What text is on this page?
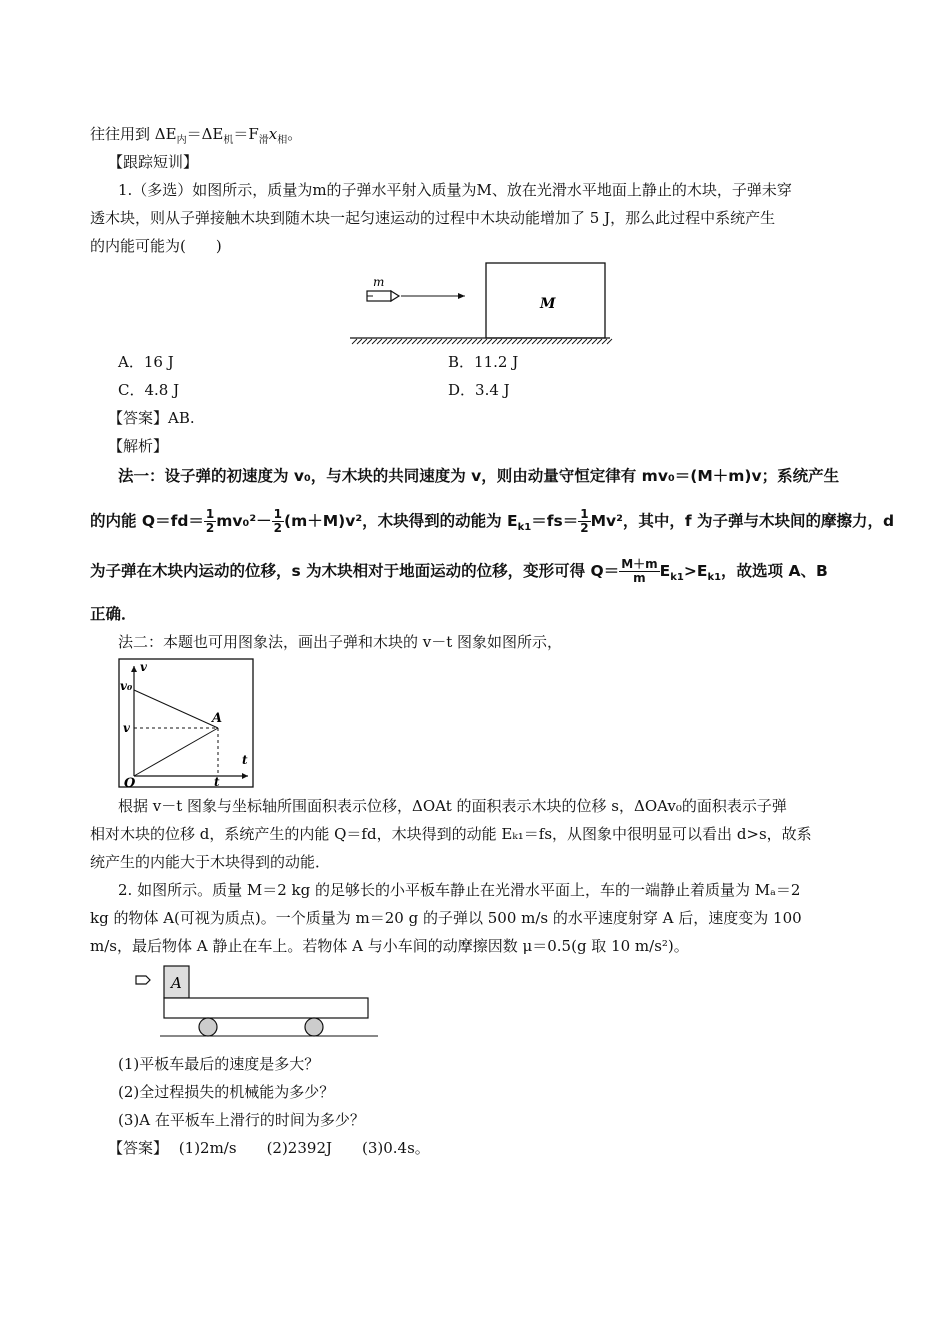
往往用到 $\Delta E_内=\Delta E_机=F_滑x_相$。
【跟踪短训】
1.（多选）如图所示，质量为m的子弹水平射入质量为M、放在光滑水平地面上静止的木块，子弹未穿
透木块，则从子弹接触木块到随木块一起匀速运动的过程中木块动能增加了 5 J，那么此过程中系统产生
的内能可能为(　　)
m
M
A．16 J	B．11.2 J
C．4.8 J	D．3.4 J
【答案】AB.
【解析】
法一：设子弹的初速度为 v₀，与木块的共同速度为 v，则由动量守恒定律有 mv₀＝(M＋m)v；系统产生
的内能 $Q=fd= \frac{1}{2} mv_0^2- \frac{1}{2} (m+M)v^2$，木块得到的动能为 $E_{k1}=fs= \frac{1}{2} Mv^2$，其中，f 为子弹与木块间的摩擦力，d
为子弹在木块内运动的位移，s 为木块相对于地面运动的位移，变形可得 $Q= \frac{M+m}{m} E_{k1}>E_{k1}$，故选项 A、B
正确．
法二：本题也可用图象法，画出子弹和木块的 v－t 图象如图所示，
v
v₀
A
v
t
O	t
根据 v－t 图象与坐标轴所围面积表示位移，ΔOAt 的面积表示木块的位移 s，ΔOAv₀的面积表示子弹
相对木块的位移 d，系统产生的内能 Q＝fd，木块得到的动能 Eₖ₁＝fs，从图象中很明显可以看出 d>s，故系
统产生的内能大于木块得到的动能．
2. 如图所示。质量 M＝2 kg 的足够长的小平板车静止在光滑水平面上，车的一端静止着质量为 Mₐ＝2
kg 的物体 A(可视为质点)。一个质量为 m＝20 g 的子弹以 500 m/s 的水平速度射穿 A 后，速度变为 100
m/s，最后物体 A 静止在车上。若物体 A 与小车间的动摩擦因数 μ＝0.5(g 取 10 m/s²)。
A
(1)平板车最后的速度是多大？
(2)全过程损失的机械能为多少？
(3)A 在平板车上滑行的时间为多少？
【答案】 (1)2m/s　　(2)2392J　　(3)0.4s。
